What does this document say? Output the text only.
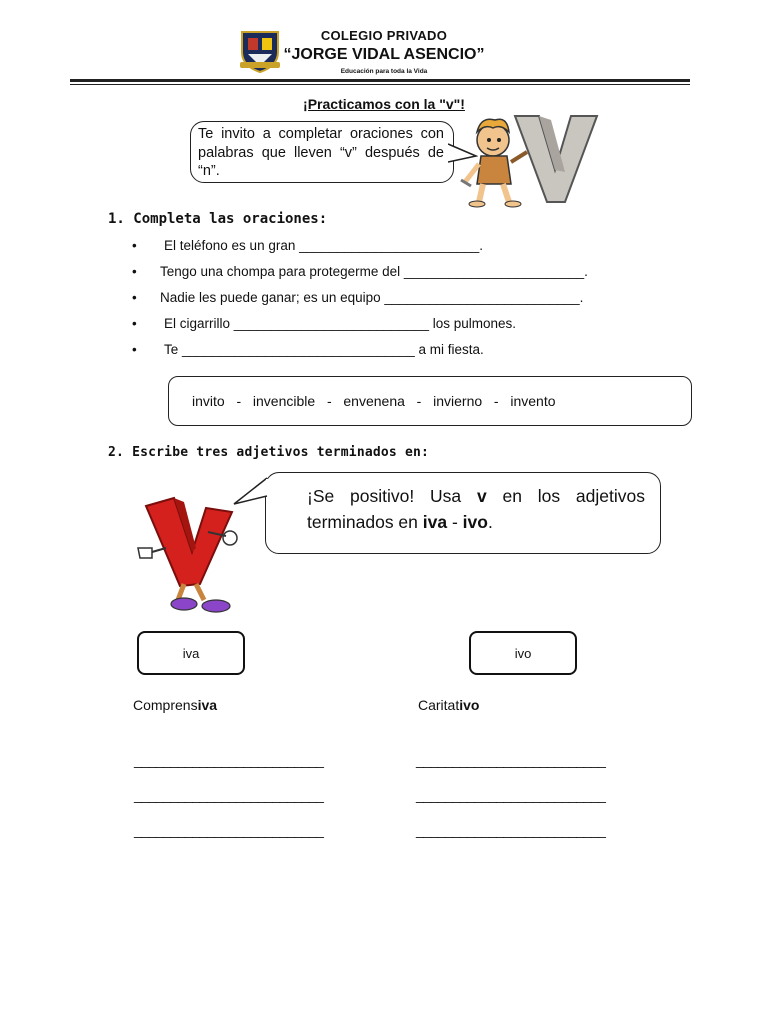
COLEGIO PRIVADO
“JORGE VIDAL ASENCIO”
Educación para toda la Vida
¡Practicamos con la "v"!
Te invito a completar oraciones con palabras que lleven “v” después de “n”.
1. Completa las oraciones:
• El teléfono es un gran ________________________.
• Tengo una chompa para protegerme del ________________________.
• Nadie les puede ganar; es un equipo __________________________.
• El cigarrillo __________________________ los pulmones.
• Te _______________________________ a mi fiesta.
invito  -  invencible  -  envenena  -  invierno  -  invento
2. Escribe tres adjetivos terminados en:
¡Se positivo! Usa v en los adjetivos terminados en iva - ivo.
iva	ivo
Comprensiva	Caritativo
__________________________
__________________________
__________________________
__________________________
__________________________
__________________________
